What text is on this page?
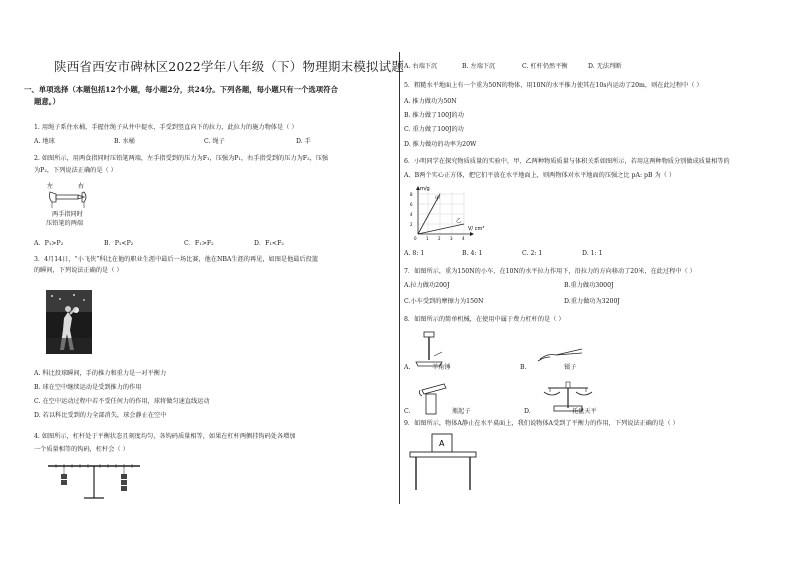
陕西省西安市碑林区2022学年八年级（下）物理期末模拟试题
一、单项选择（本题包括12个小题，每小题2分，共24分。下列各题，每小题只有一个选项符合
题意。）
1. 用绳子系住水桶，手握住绳子从井中提水，手受到竖直向下的拉力，此拉力的施力物体是（ ）
A. 地球	B. 水桶	C. 绳子	D. 手
2. 如图所示，用两食指同时压铅笔两端，左手指受到的压力为F₁，压强为P₁，右手指受到的压力为F₂，压强
为P₂，下列说法正确的是（ ）
左	右
两手指同时
压铅笔的两端
A．P₁>P₂	B．P₁<P₂	C．F₁>F₂	D．F₁<F₂
3．4月14日，“小飞侠”科比在他的职业生涯中最后一场比赛，他在NBA生涯的再见，如图是他最后投篮
的瞬间，下列说法正确的是（ ）
A. 科比投球瞬间，手的推力和重力是一对平衡力
B. 球在空中继续运动是受到推力的作用
C. 在空中运动过程中若不受任何力的作用，球将做匀速直线运动
D. 若以科比受到的力全部消失，球会静止在空中
4. 如图所示，杠杆处于平衡状态且刻度均匀，各钩码质量相等，如果在杠杆两侧挂钩码处各增加
一个质量相等的钩码，杠杆会（ ）
A. 右端下沉	B. 左端下沉	C. 杠杆仍然平衡	D. 无法判断
5．粗糙水平地面上有一个重为50N的物体，用10N的水平推力使其在10s内运动了20m，则在此过程中（ ）
A. 推力做功为50N
B. 推力做了100J的功
C. 重力做了100J的功
D. 推力做功的功率为20W
6．小明同学在探究物质质量的实验中，甲、乙两种物质质量与体积关系如图所示，若用这两种物质分别做成质量相等的
A、B两个实心正方体，把它们平放在水平地面上，则两物体对水平地面的压强之比 pA: pB 为（ ）
m/g
V/ cm³
8
6
4
2
0 1 2 3 4
甲
乙
A. 8: 1	B. 4: 1	C. 2: 1	D. 1: 1
7．如图所示，重为150N的小车，在10N的水平拉力作用下，沿拉力的方向移动了20米，在此过程中（ ）
A.拉力做功200J	B.重力做功3000J
C.小车受到的摩擦力为150N	D.重力做功为3200J
8．如图所示的简单机械，在使用中属于费力杠杆的是（ ）
A.	羊角锤	B.	镊子
C.	瓶起子	D.	托盘天平
9．如图所示，物体A静止在水平桌面上，我们说物体A受到了平衡力的作用，下列说法正确的是（ ）
A
